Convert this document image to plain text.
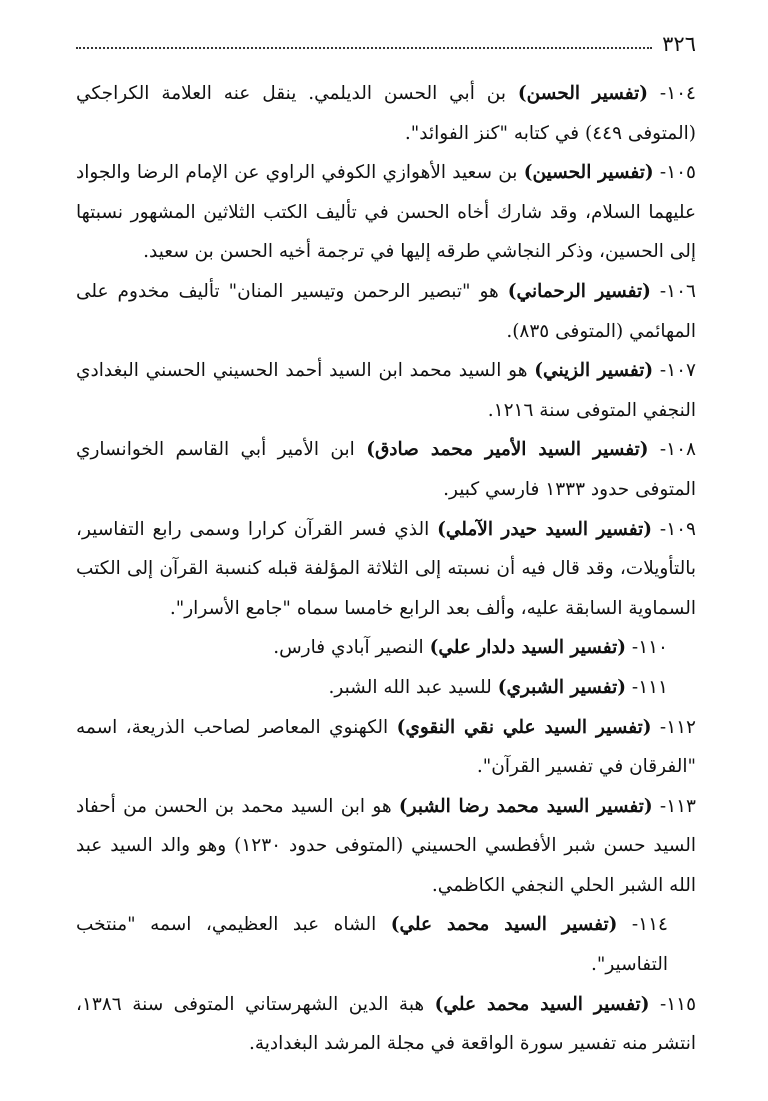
٣٢٦

١٠٤- (تفسير الحسن) بن أبي الحسن الديلمي. ينقل عنه العلامة الكراجكي (المتوفى ٤٤٩) في كتابه "كنز الفوائد".

١٠٥- (تفسير الحسين) بن سعيد الأهوازي الكوفي الراوي عن الإمام الرضا والجواد عليهما السلام، وقد شارك أخاه الحسن في تأليف الكتب الثلاثين المشهور نسبتها إلى الحسين، وذكر النجاشي طرقه إليها في ترجمة أخيه الحسن بن سعيد.

١٠٦- (تفسير الرحماني) هو "تبصير الرحمن وتيسير المنان" تأليف مخدوم على المهائمي (المتوفى ٨٣٥).

١٠٧- (تفسير الزيني) هو السيد محمد ابن السيد أحمد الحسيني الحسني البغدادي النجفي المتوفى سنة ١٢١٦.

١٠٨- (تفسير السيد الأمير محمد صادق) ابن الأمير أبي القاسم الخوانساري المتوفى حدود ١٣٣٣ فارسي كبير.

١٠٩- (تفسير السيد حيدر الآملي) الذي فسر القرآن كرارا وسمى رابع التفاسير، بالتأويلات، وقد قال فيه أن نسبته إلى الثلاثة المؤلفة قبله كنسبة القرآن إلى الكتب السماوية السابقة عليه، وألف بعد الرابع خامسا سماه "جامع الأسرار".

١١٠- (تفسير السيد دلدار علي) النصير آبادي فارس.

١١١- (تفسير الشبري) للسيد عبد الله الشبر.

١١٢- (تفسير السيد علي نقي النقوي) الكهنوي المعاصر لصاحب الذريعة، اسمه "الفرقان في تفسير القرآن".

١١٣- (تفسير السيد محمد رضا الشبر) هو ابن السيد محمد بن الحسن من أحفاد السيد حسن شبر الأفطسي الحسيني (المتوفى حدود ١٢٣٠) وهو والد السيد عبد الله الشبر الحلي النجفي الكاظمي.

١١٤- (تفسير السيد محمد علي) الشاه عبد العظيمي، اسمه "منتخب التفاسير".

١١٥- (تفسير السيد محمد علي) هبة الدين الشهرستاني المتوفى سنة ١٣٨٦، انتشر منه تفسير سورة الواقعة في مجلة المرشد البغدادية.
